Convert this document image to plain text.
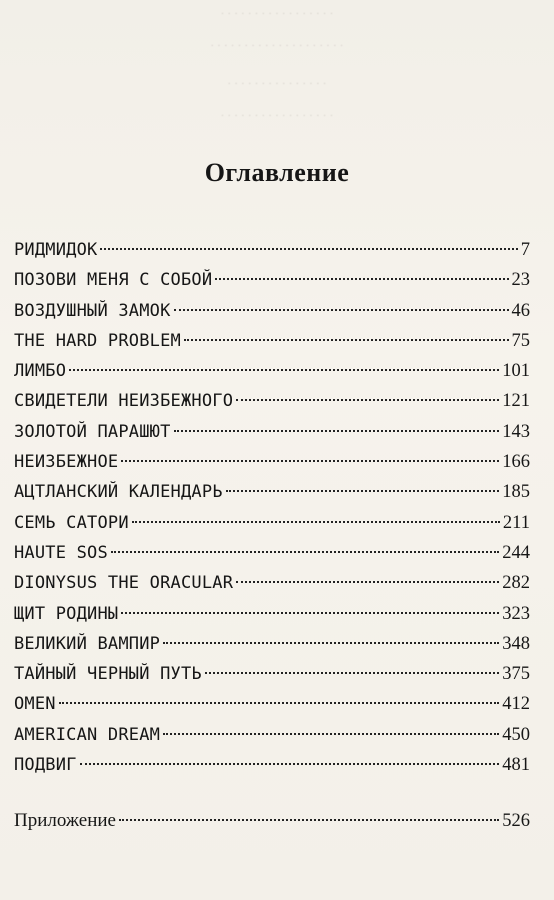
· · · · · · · · · · · · · · · · ·
· · · · · · · · · · · · · · · · · · · ·
· · · · · · · · · · · · · · ·
· · · · · · · · · · · · · · · · ·
Оглавление
РИДМИДОК	7
ПОЗОВИ МЕНЯ С СОБОЙ	23
ВОЗДУШНЫЙ ЗАМОК	46
THE HARD PROBLEM	75
ЛИМБО	101
СВИДЕТЕЛИ НЕИЗБЕЖНОГО	121
ЗОЛОТОЙ ПАРАШЮТ	143
НЕИЗБЕЖНОЕ	166
АЦТЛАНСКИЙ КАЛЕНДАРЬ	185
СЕМЬ САТОРИ	211
HAUTE SOS	244
DIONYSUS THE ORACULAR	282
ЩИТ РОДИНЫ	323
ВЕЛИКИЙ ВАМПИР	348
ТАЙНЫЙ ЧЕРНЫЙ ПУТЬ	375
OMEN	412
AMERICAN DREAM	450
ПОДВИГ	481
Приложение	526
